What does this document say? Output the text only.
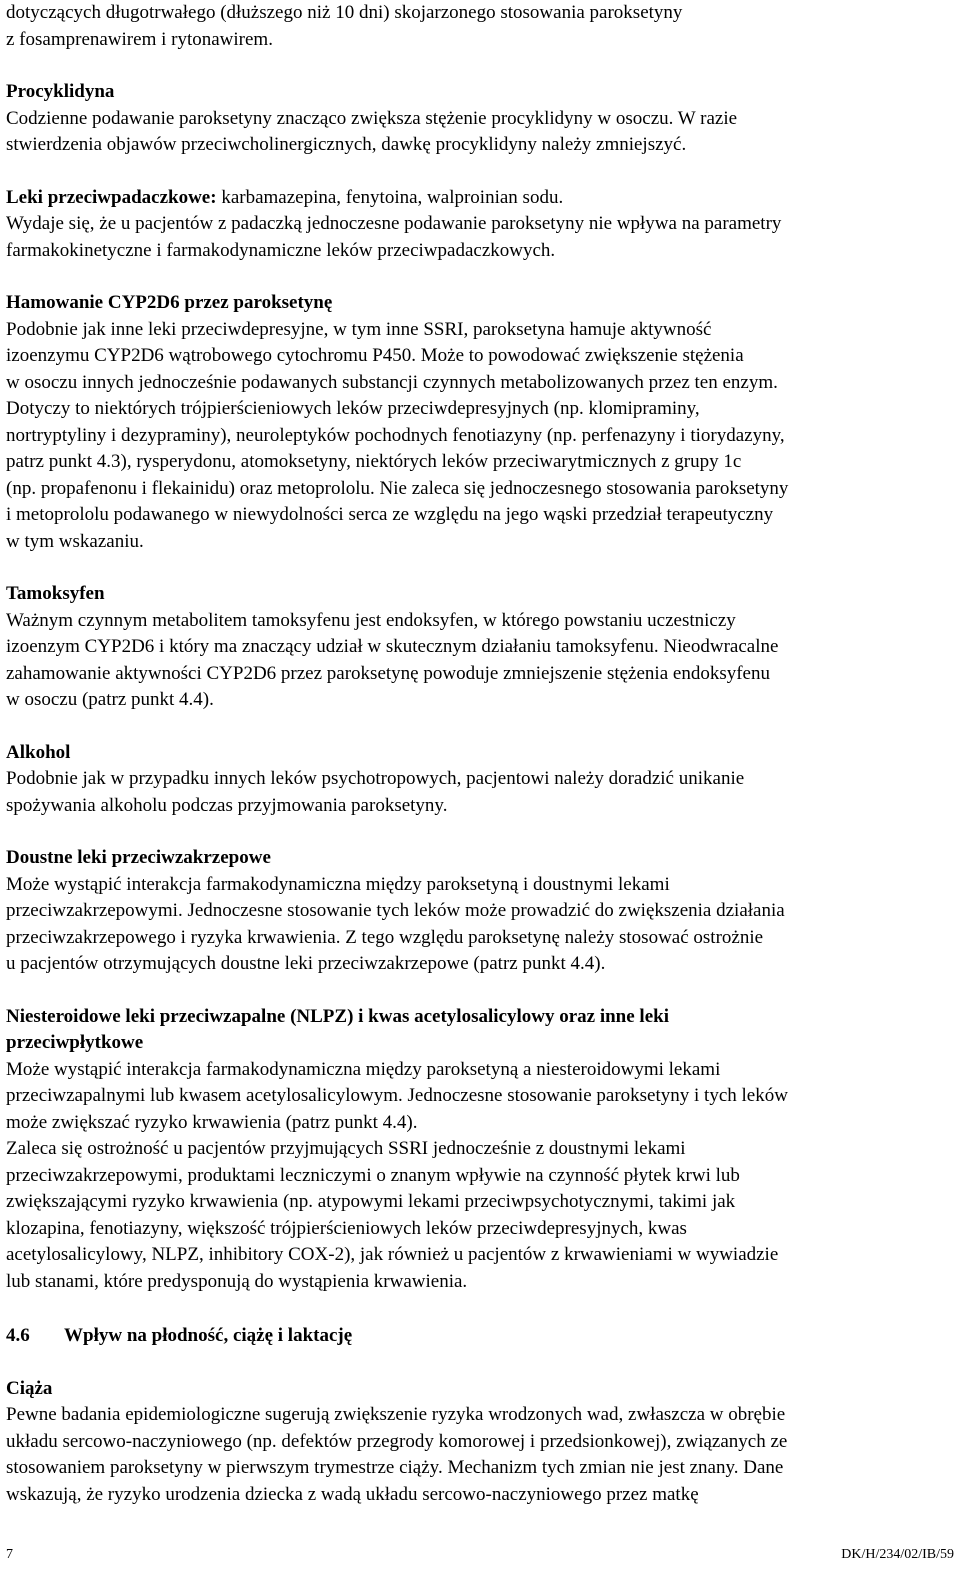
dotyczących długotrwałego (dłuższego niż 10 dni) skojarzonego stosowania paroksetyny
z fosamprenawirem i rytonawirem.
Procyklidyna
Codzienne podawanie paroksetyny znacząco zwiększa stężenie procyklidyny w osoczu. W razie
stwierdzenia objawów przeciwcholinergicznych, dawkę procyklidyny należy zmniejszyć.
Leki przeciwpadaczkowe: karbamazepina, fenytoina, walproinian sodu.
Wydaje się, że u pacjentów z padaczką jednoczesne podawanie paroksetyny nie wpływa na parametry
farmakokinetyczne i farmakodynamiczne leków przeciwpadaczkowych.
Hamowanie CYP2D6 przez paroksetynę
Podobnie jak inne leki przeciwdepresyjne, w tym inne SSRI, paroksetyna hamuje aktywność
izoenzymu CYP2D6 wątrobowego cytochromu P450. Może to powodować zwiększenie stężenia
w osoczu innych jednocześnie podawanych substancji czynnych metabolizowanych przez ten enzym.
Dotyczy to niektórych trójpierścieniowych leków przeciwdepresyjnych (np. klomipraminy,
nortryptyliny i dezypraminy), neuroleptyków pochodnych fenotiazyny (np. perfenazyny i tiorydazyny,
patrz punkt 4.3), rysperydonu, atomoksetyny, niektórych leków przeciwarytmicznych z grupy 1c
(np. propafenonu i flekainidu) oraz metoprololu. Nie zaleca się jednoczesnego stosowania paroksetyny
i metoprololu podawanego w niewydolności serca ze względu na jego wąski przedział terapeutyczny
w tym wskazaniu.
Tamoksyfen
Ważnym czynnym metabolitem tamoksyfenu jest endoksyfen, w którego powstaniu uczestniczy
izoenzym CYP2D6 i który ma znaczący udział w skutecznym działaniu tamoksyfenu. Nieodwracalne
zahamowanie aktywności CYP2D6 przez paroksetynę powoduje zmniejszenie stężenia endoksyfenu
w osoczu (patrz punkt 4.4).
Alkohol
Podobnie jak w przypadku innych leków psychotropowych, pacjentowi należy doradzić unikanie
spożywania alkoholu podczas przyjmowania paroksetyny.
Doustne leki przeciwzakrzepowe
Może wystąpić interakcja farmakodynamiczna między paroksetyną i doustnymi lekami
przeciwzakrzepowymi. Jednoczesne stosowanie tych leków może prowadzić do zwiększenia działania
przeciwzakrzepowego i ryzyka krwawienia. Z tego względu paroksetynę należy stosować ostrożnie
u pacjentów otrzymujących doustne leki przeciwzakrzepowe (patrz punkt 4.4).
Niesteroidowe leki przeciwzapalne (NLPZ) i kwas acetylosalicylowy oraz inne leki
przeciwpłytkowe
Może wystąpić interakcja farmakodynamiczna między paroksetyną a niesteroidowymi lekami
przeciwzapalnymi lub kwasem acetylosalicylowym. Jednoczesne stosowanie paroksetyny i tych leków
może zwiększać ryzyko krwawienia (patrz punkt 4.4).
Zaleca się ostrożność u pacjentów przyjmujących SSRI jednocześnie z doustnymi lekami
przeciwzakrzepowymi, produktami leczniczymi o znanym wpływie na czynność płytek krwi lub
zwiększającymi ryzyko krwawienia (np. atypowymi lekami przeciwpsychotycznymi, takimi jak
klozapina, fenotiazyny, większość trójpierścieniowych leków przeciwdepresyjnych, kwas
acetylosalicylowy, NLPZ, inhibitory COX-2), jak również u pacjentów z krwawieniami w wywiadzie
lub stanami, które predysponują do wystąpienia krwawienia.
4.6 Wpływ na płodność, ciążę i laktację
Ciąża
Pewne badania epidemiologiczne sugerują zwiększenie ryzyka wrodzonych wad, zwłaszcza w obrębie
układu sercowo-naczyniowego (np. defektów przegrody komorowej i przedsionkowej), związanych ze
stosowaniem paroksetyny w pierwszym trymestrze ciąży. Mechanizm tych zmian nie jest znany. Dane
wskazują, że ryzyko urodzenia dziecka z wadą układu sercowo-naczyniowego przez matkę
7	DK/H/234/02/IB/59
